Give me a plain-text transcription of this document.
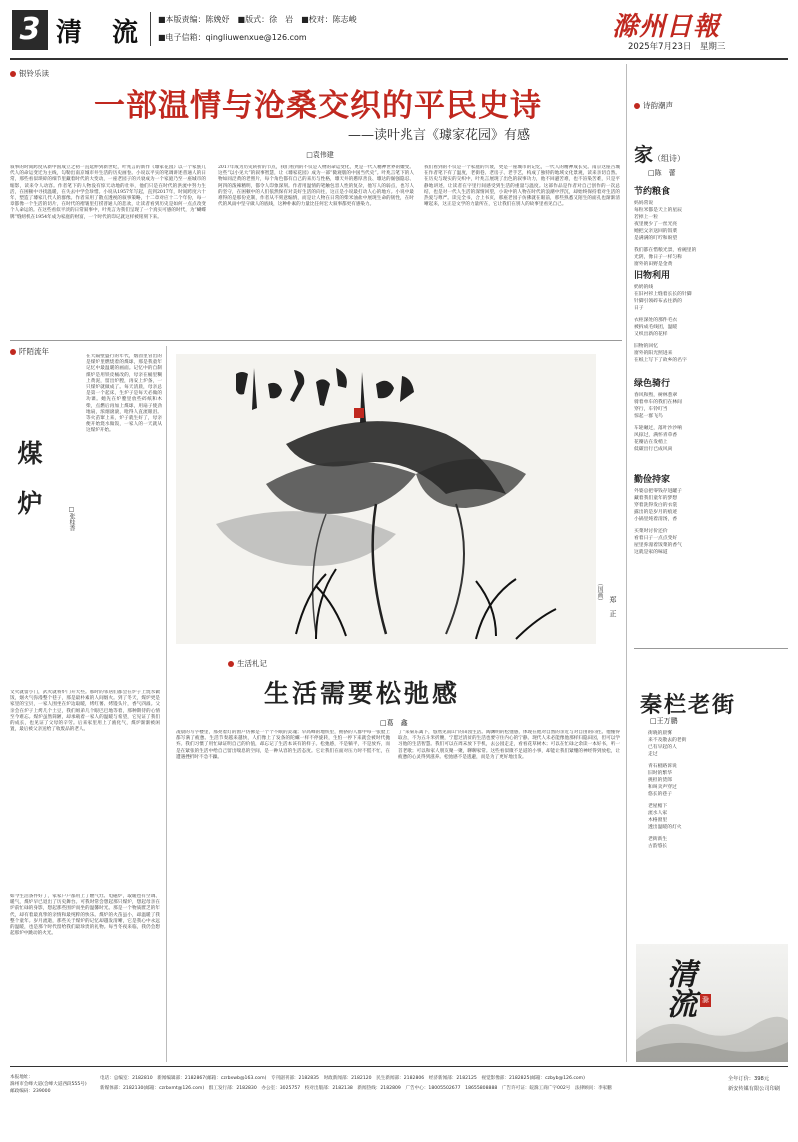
3 清　流 ■本版责编：陈娩妤　■版式：徐　岩　■校对：陈志峻
■电子信箱：qingliuwenxue@126.com	滁州日報
2025年7月23日　星期三
银铃乐读
一部温情与沧桑交织的平民史诗
——读叶兆言《璩家花园》有感
□袁伟建
叙事的时间跨度从新中国成立之初一直延伸到新世纪，叶兆言的新作《璩家花园》以一个家族几代人的命运变迁为主线，勾勒出南京城市井生活的历史画卷。小说以平实的笔调讲述普通人的日常，那些看似琐碎的细节里藏着时代的大变动，一座老园子的兴衰成为一个家庭乃至一座城市的缩影，读来令人动容。作者笔下的人物没有惊天动地的壮举，他们只是在时代的洪流中努力生活，在困顿中寻找温暖，在失去中学会珍惜。小说从1957年写起，直到2017年，时间跨度六十年，塑造了璩家几代人的群像。作者采用了散点透视的叙事策略，十二章对应十二个年份，每一章都像一个生活的切片，在时代的褶皱里打捞普通人的悲欢，让读者看到历史是如何一点点改变个人命运的。在这些看似平淡的日常叙事中，叶兆言为我们呈现了一个真实可感的时代，为“蝴蝶牌”缝纫机在1954年成为家庭的财富，一个时代的印记就这样被铭刻下来。
2017年成为历史转折的节点，我们看到的不仅是人物的命运变化，更是一代人精神世界的嬗变。这些“以小见大”的叙事智慧，让《璩家花园》成为一部“微观版的中国当代史”。叶兆言笔下的人物如同泛黄的老照片，每个角色都有自己的来历与性格，璩天井的憨厚善良、璩达的倔强隐忍、阿四的泼辣精明，都令人印象深刻。作者用温情的笔触包容人性的复杂，他写人的弱点，也写人的坚守，在困顿中的人们依然保有对美好生活的向往，这正是小说最打动人心的地方。小说中最难得的是那份克制，作者从不刻意煽情，而是让人物在日常的柴米油盐中展现生命的韧性，在时代的风雨中坚守做人的底线，这种朴素的力量比任何宏大叙事都更有感染力。
我们看到的不仅是一个家庭的兴衰，更是一座城市的记忆，一代人的精神成长史。南京这座古城在作者笔下有了温度，老街巷、老房子、老手艺，构成了独特的地域文化景观，读来亲切自然。在历史与现实的交织中，叶兆言展现了出色的叙事功力，他不回避苦难，也不渲染苦难，只是平静地讲述，让读者在字里行间感受到生活的重量与温度。这部作品是作者对自己创作的一次总结，也是对一代人生活的深情回望，小说中的人物在时代的浪潮中浮沉，却始终保持着对生活的热爱与尊严。读完全书，合上书页，那座老园子仿佛就在眼前，那些熟悉又陌生的面孔也渐渐清晰起来，这正是文学的力量所在，它让我们在别人的故事里看见自己。
阡陌流年
煤　炉
□张桂香
在大隔壁盛行的年代，烟囱里冒出的是煤炉里燃烧着的煤球，那是我童年记忆中最温暖的画面。记忆中的自制煤炉是用铁皮桶改的，母亲在桶里糊上黄泥，留出炉膛，再安上炉条，一只煤炉就做成了。每天清晨，母亲总是第一个起床，生炉子是每天必做的功课。她先在炉膛里放些碎纸和木柴，点燃后再加上煤球，用扇子使劲地扇，浓烟滚滚，呛得人直流眼泪。等火苗窜上来，炉子就生好了，母亲便开始烧水做饭，一家人的一天就从这煤炉开始。
文火就留小门，武火就将炉门开大些。那时的邻居们都会在炉子上烧水做饭，烟火气弥漫整个巷子，那是最朴素的人间烟火。到了冬天，煤炉更是家里的宝贝，一家人围坐在炉边取暖，烤红薯、烤馒头片，香气四溢。父亲会在炉子上烤几个土豆，我们姐弟几个眼巴巴地等着，那种期待的心情至今难忘。煤炉虽然简陋，却承载着一家人的温暖与希望，它见证了我们的成长，也见证了父母的辛劳。后来家里用上了液化气，煤炉渐渐被闲置，最后被父亲送给了收废品的老人。
如今生活条件好了，家家户户都用上了燃气灶、电磁炉，取暖也有空调、暖气，煤炉早已退出了历史舞台。可我时常会想起那只煤炉，想起母亲在炉前忙碌的身影，想起那些围炉而坐的温馨时光。那是一个物质匮乏的年代，却有着最真挚的亲情和最纯粹的快乐。煤炉的火苗虽小，却温暖了我整个童年。岁月流逝，那些关于煤炉的记忆却越发清晰，它是我心中永远的温暖，也是那个时代留给我们最珍贵的礼物。每当冬夜来临，我仍会想起那炉中跳动的火光。
（国画）
郑　正
生活札记
生活需要松弛感
□葛　鑫
凌晨的写字楼里，那亮着灯的窗户仿佛是一个个不眠的灵魂；早高峰的地铁里，拥挤的人群中每一张脸上都写满了疲惫。生活节奏越来越快，人们像上了发条的陀螺一样不停旋转，生怕一停下来就会被时代抛弃。我们习惯了用忙碌证明自己的价值，却忘记了生活本该有的样子。松弛感，不是躺平，不是放弃，而是在紧张的生活中给自己留出喘息的空间，是一种从容的生活态度。它让我们在面对压力时不慌不忙，在遭遇挫折时不急不躁。
了“采菊东篱下，悠然见南山”的田园生活。陶渊明的松弛感，体现在他对自然的亲近与对自由的向往。他懂得取舍，不为五斗米折腰，宁愿过清贫的生活也要守住内心的宁静。现代人未必能像他那样归隐田园，但可以学习他的生活智慧。我们可以在周末放下手机，去公园走走，看看花草树木；可以在忙碌之余读一本好书，听一首老歌；可以和家人朋友聚一聚，聊聊家常。这些看似微不足道的小事，却能让我们紧绷的神经得到放松，让疲惫的心灵得到滋养。松弛感不是逃避，而是为了更好地出发。
诗韵潮声
家（组诗）
□陈　蕾
节约粮食
妈妈常说
每粒米都是天上的星辰
若掉上一粒
夜里便少了一丝光亮
她把父亲送回的饭菜
是满满的叮咛和盼望
我们都在惜粮光景，看碗里的
光阴，像日子一样匀称
窗外的田野是金黄
旧物利用
奶奶的线
在旧衬衫上缝着长长的针脚
针脚引领碎布去往新的
日子
衣柜深处的那件毛衣
被拆成毛线团，温暖
又织出新的花样
旧物的回忆
窗外的阳光照进来
在纸上写下了故乡的名字
绿色骑行
春风和煦，树林葱翠
骑着单车的我们在林间
穿行，车铃叮当
惊起一群飞鸟
车轮碾过，落叶沙沙响
风掠过，满怀青草香
花瓣沾在发梢上
低碳出行已成风尚
勤俭持家
外婆总把零钱存进罐子
藏着我们童年的梦想
穿着洗得发白的衣裳
露出的是岁月的痕迹
小锅里炖着清汤，香
买菜时讨价还价
看着日子一点点变好
屋里弥漫着饭菜的香气
这就是家的味道
秦栏老街
□王万鹏
街晓的晨雾
来不及散去的老街
已有早起的人
走过
青石板路诉说
旧时的繁华
挑担的货郎
和叫卖声穿过
悠长的巷子
老屋檐下
流水人家
木格窗里
透出温暖的灯火
老街新生
古韵悠长
清流 滁
本报地址：
滁州市会峰大道(会峰大道西段555号)
邮政编码：239000
电话：总编室：2182810　新闻编辑部：2182867(邮箱：czrbxwb@163.com)　专刊副刊部：2182835　时政新闻部：2182120　民生新闻部：2182806　经济新闻部：2182125　视觉影像部：2182825(邮箱：czbyb@126.com)
新媒体部：2182130(邮箱：czrbxmt@126.com)　群工发行部：2182830　办公室：3025757　校对出版部：2182138　新闻热线：2182809　广告中心：18005502677　18655808888　广告许可证：皖滁工商广字002号　法律顾问：李家鹏
全年订价：398元
新安传媒有限公司印刷
